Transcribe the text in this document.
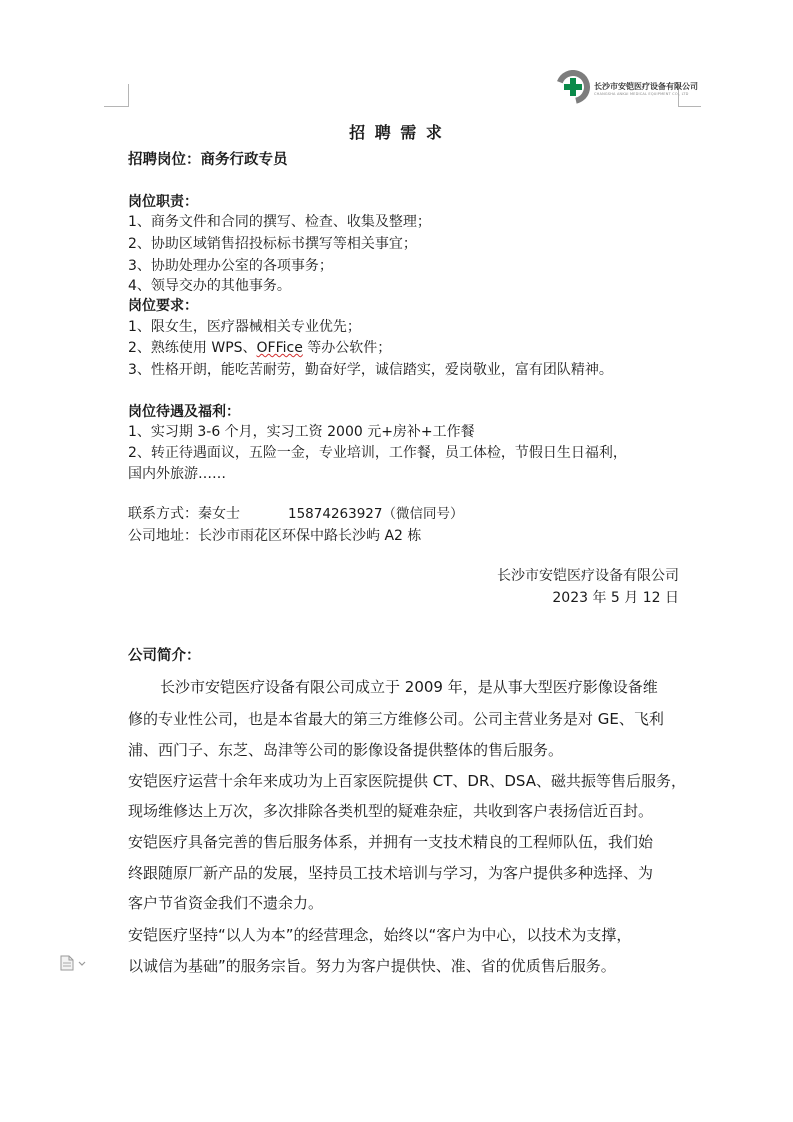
长沙市安铠医疗设备有限公司
CHANGSHA ANKAI MEDICAL EQUIPMENT CO., LTD
招 聘 需 求
招聘岗位：商务行政专员
岗位职责：
1、商务文件和合同的撰写、检查、收集及整理；
2、协助区域销售招投标标书撰写等相关事宜；
3、协助处理办公室的各项事务；
4、领导交办的其他事务。
岗位要求：
1、限女生，医疗器械相关专业优先；
2、熟练使用 WPS、OFFice 等办公软件；
3、性格开朗，能吃苦耐劳，勤奋好学，诚信踏实，爱岗敬业，富有团队精神。
岗位待遇及福利：
1、实习期 3-6 个月，实习工资 2000 元+房补+工作餐
2、转正待遇面议，五险一金，专业培训，工作餐，员工体检，节假日生日福利，
国内外旅游……
联系方式：秦女士	15874263927（微信同号）
公司地址：长沙市雨花区环保中路长沙屿 A2 栋
长沙市安铠医疗设备有限公司
2023 年 5 月 12 日
公司简介：
长沙市安铠医疗设备有限公司成立于 2009 年，是从事大型医疗影像设备维
修的专业性公司，也是本省最大的第三方维修公司。公司主营业务是对 GE、飞利
浦、西门子、东芝、岛津等公司的影像设备提供整体的售后服务。
安铠医疗运营十余年来成功为上百家医院提供 CT、DR、DSA、磁共振等售后服务，
现场维修达上万次，多次排除各类机型的疑难杂症，共收到客户表扬信近百封。
安铠医疗具备完善的售后服务体系，并拥有一支技术精良的工程师队伍，我们始
终跟随原厂新产品的发展，坚持员工技术培训与学习，为客户提供多种选择、为
客户节省资金我们不遗余力。
安铠医疗坚持“以人为本”的经营理念，始终以“客户为中心，以技术为支撑，
以诚信为基础”的服务宗旨。努力为客户提供快、准、省的优质售后服务。
